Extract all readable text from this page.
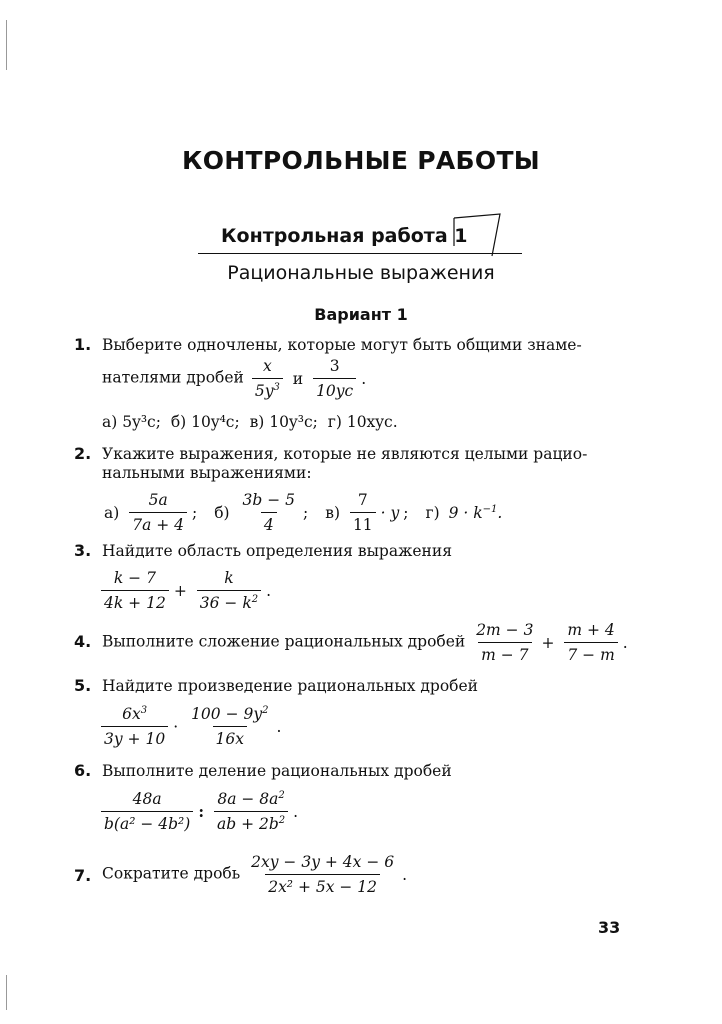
КОНТРОЛЬНЫЕ РАБОТЫ
Контрольная работа 1
Рациональные выражения
Вариант 1
1. Выберите одночлены, которые могут быть общими знаме-
нателями дробей $\frac{x}{5y^3}$ и $\frac{3}{10yc}$ .
а) 5y³c; б) 10y⁴c; в) 10y³c; г) 10xyc.
2. Укажите выражения, которые не являются целыми рацио-
нальными выражениями:
$а) \frac{5a}{7a + 4}$ ; $б) \frac{3b - 5}{4}$ ; $в) \frac{7}{11} \cdot y$ ; г) $9 \cdot k^{-1}$.
3. Найдите область определения выражения
$\frac{k - 7}{4k + 12} + \frac{k}{36 - k^2}$ .
4. Выполните сложение рациональных дробей $\frac{2m - 3}{m - 7} + \frac{m + 4}{7 - m}$ .
5. Найдите произведение рациональных дробей
$\frac{6x^3}{3y + 10} \cdot \frac{100 - 9y^2}{16x}$ .
6. Выполните деление рациональных дробей
$\frac{48a}{\text{b(a² − 4b²)}}$ : $\frac{8a - 8a^2}{ab + 2b^2}$ .
7. Сократите дробь $\frac{2xy - 3y + 4x - 6}{\text{2x² + 5x − 12}}$ .
33
